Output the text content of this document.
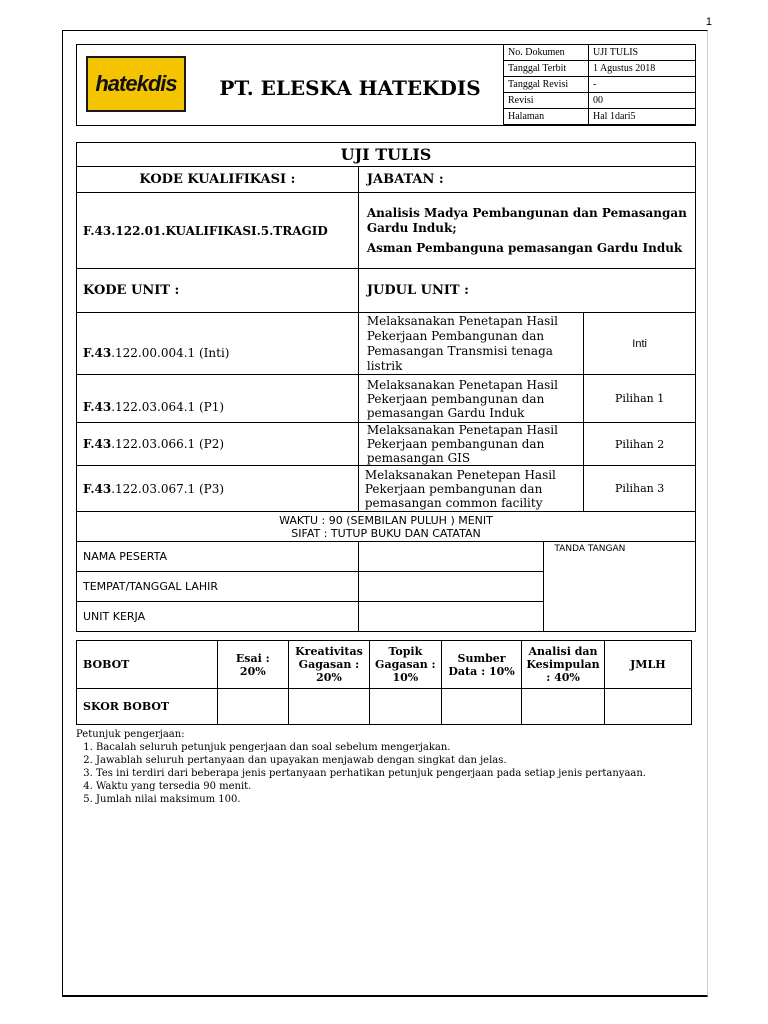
1
hatekdis	PT. ELESKA HATEKDIS
No. Dokumen	UJI TULIS
Tanggal Terbit	1 Agustus 2018
Tanggal Revisi	-
Revisi	00
Halaman	Hal 1dari5
UJI TULIS			
KODE KUALIFIKASI :	JABATAN :		
F.43.122.01.KUALIFIKASI.5.TRAGID	Analisis Madya Pembangunan dan Pemasangan Gardu Induk;
Asman Pembanguna pemasangan Gardu Induk		

KODE UNIT :	JUDUL UNIT :		
F.43.122.00.004.1 (Inti)	Melaksanakan Penetapan Hasil Pekerjaan Pembangunan dan Pemasangan Transmisi tenaga listrik		Inti
F.43.122.03.064.1 (P1)	Melaksanakan Penetapan Hasil Pekerjaan pembangunan dan pemasangan Gardu Induk		Pilihan 1
F.43.122.03.066.1 (P2)	Melaksanakan Penetapan Hasil Pekerjaan pembangunan dan pemasangan GIS		Pilihan 2
F.43.122.03.067.1 (P3)	Melaksanakan Penetepan Hasil Pekerjaan pembangunan dan pemasangan common facility		Pilihan 3

WAKTU : 90 (SEMBILAN PULUH ) MENIT
SIFAT : TUTUP BUKU DAN CATATAN			

NAMA PESERTA		TANDA TANGAN	
TEMPAT/TANGGAL LAHIR			
UNIT KERJA			
BOBOT	Esai : 20%	Kreativitas Gagasan : 20%	Topik Gagasan : 10%	Sumber Data : 10%	Analisi dan Kesimpulan : 40%	JMLH
SKOR BOBOT						
Petunjuk pengerjaan:
1. Bacalah seluruh petunjuk pengerjaan dan soal sebelum mengerjakan.
2. Jawablah seluruh pertanyaan dan upayakan menjawab dengan singkat dan jelas.
3. Tes ini terdiri dari beberapa jenis pertanyaan perhatikan petunjuk pengerjaan pada setiap jenis pertanyaan.
4. Waktu yang tersedia 90 menit.
5. Jumlah nilai maksimum 100.
